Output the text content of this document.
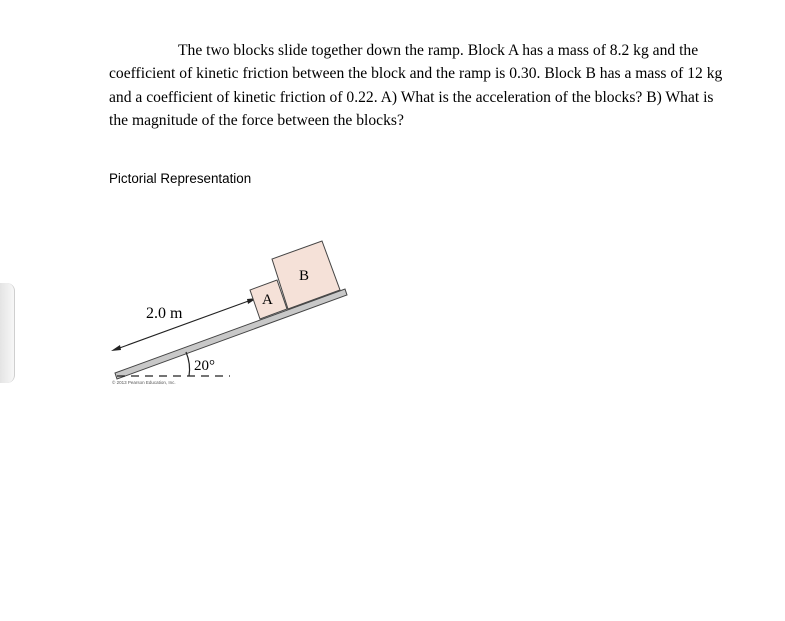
The two blocks slide together down the ramp. Block A has a mass of 8.2 kg and the coefficient of kinetic friction between the block and the ramp is 0.30. Block B has a mass of 12 kg and a coefficient of kinetic friction of 0.22. A) What is the acceleration of the blocks? B) What is the magnitude of the force between the blocks?

Pictorial Representation

A
B
2.0 m
20°
© 2013 Pearson Education, Inc.
